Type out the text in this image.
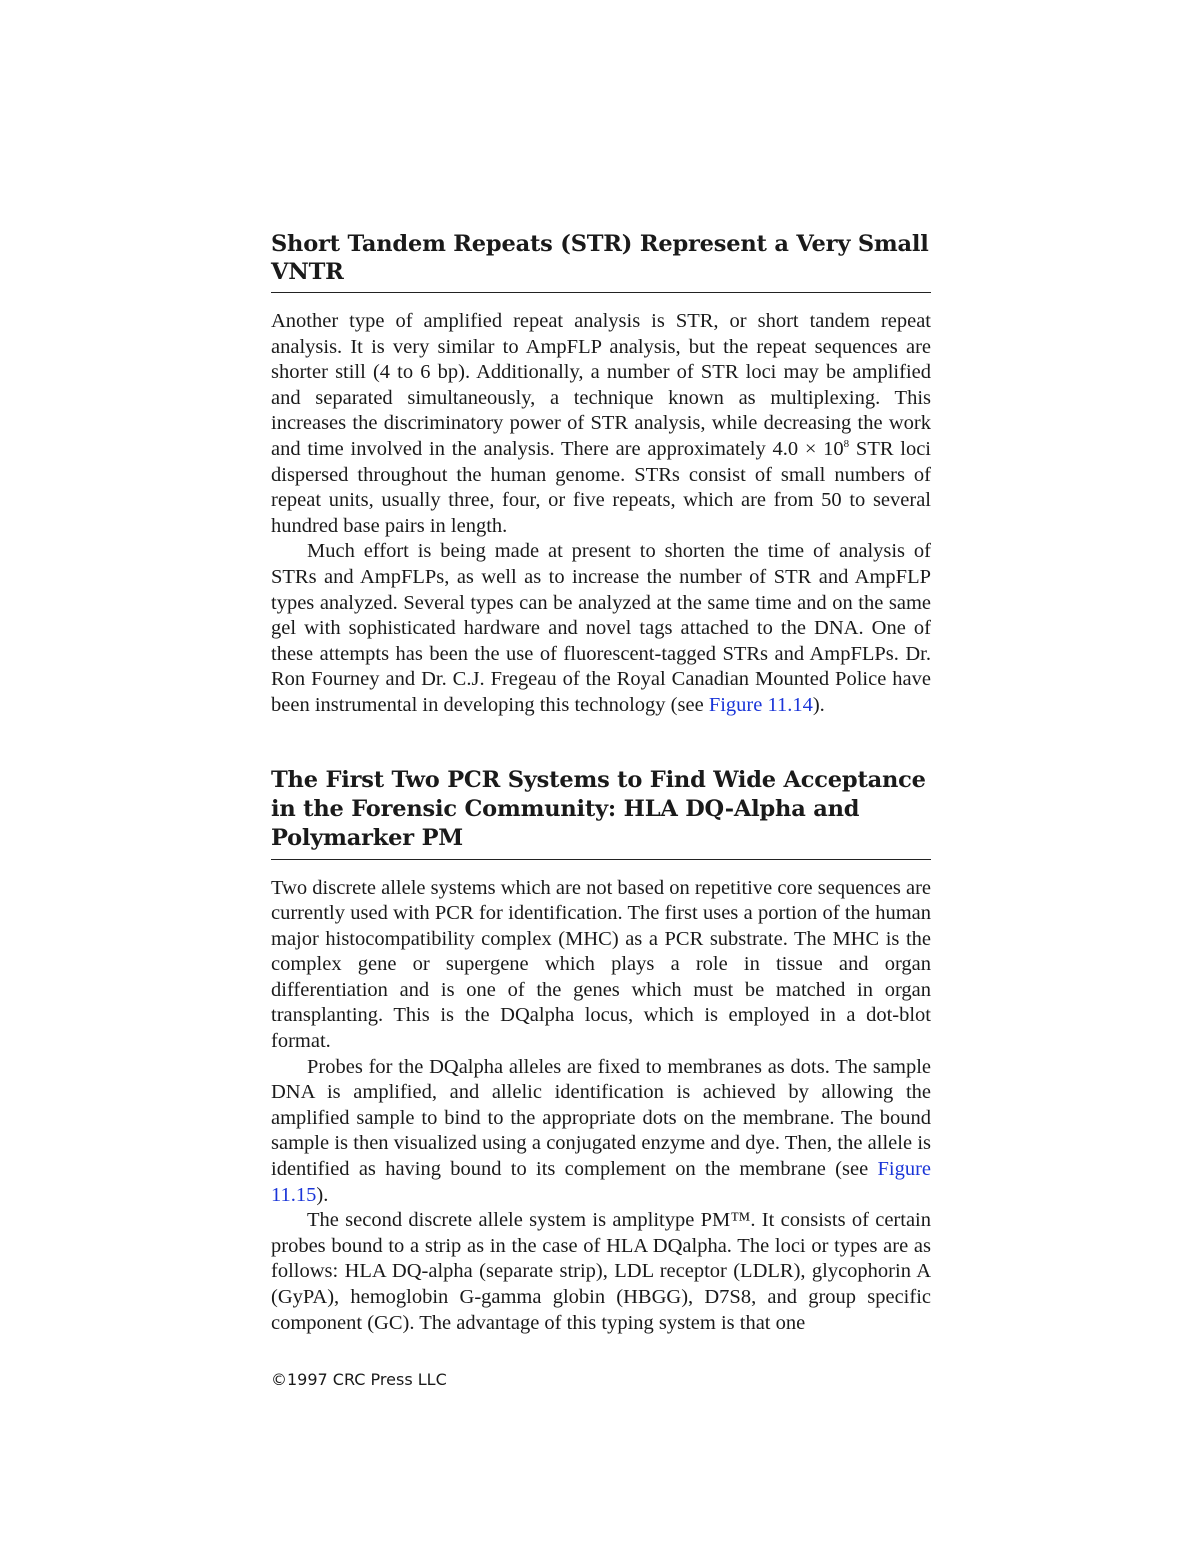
Short Tandem Repeats (STR) Represent a Very Small VNTR

Another type of amplified repeat analysis is STR, or short tandem repeat analysis. It is very similar to AmpFLP analysis, but the repeat sequences are shorter still (4 to 6 bp). Additionally, a number of STR loci may be amplified and separated simultaneously, a technique known as multiplexing. This increases the discriminatory power of STR analysis, while decreasing the work and time involved in the analysis. There are approximately $4.0 \times 10^8$ STR loci dispersed throughout the human genome. STRs consist of small numbers of repeat units, usually three, four, or five repeats, which are from 50 to several hundred base pairs in length.

Much effort is being made at present to shorten the time of analysis of STRs and AmpFLPs, as well as to increase the number of STR and AmpFLP types analyzed. Several types can be analyzed at the same time and on the same gel with sophisticated hardware and novel tags attached to the DNA. One of these attempts has been the use of fluorescent-tagged STRs and AmpFLPs. Dr. Ron Fourney and Dr. C.J. Fregeau of the Royal Canadian Mounted Police have been instrumental in developing this technology (see Figure 11.14).

The First Two PCR Systems to Find Wide Acceptance in the Forensic Community: HLA DQ-Alpha and Polymarker PM

Two discrete allele systems which are not based on repetitive core sequences are currently used with PCR for identification. The first uses a portion of the human major histocompatibility complex (MHC) as a PCR substrate. The MHC is the complex gene or supergene which plays a role in tissue and organ differentiation and is one of the genes which must be matched in organ transplanting. This is the DQalpha locus, which is employed in a dot-blot format.

Probes for the DQalpha alleles are fixed to membranes as dots. The sample DNA is amplified, and allelic identification is achieved by allowing the amplified sample to bind to the appropriate dots on the membrane. The bound sample is then visualized using a conjugated enzyme and dye. Then, the allele is identified as having bound to its complement on the membrane (see Figure 11.15).

The second discrete allele system is amplitype PM™. It consists of certain probes bound to a strip as in the case of HLA DQalpha. The loci or types are as follows: HLA DQ-alpha (separate strip), LDL receptor (LDLR), glycophorin A (GyPA), hemoglobin G-gamma globin (HBGG), D7S8, and group specific component (GC). The advantage of this typing system is that one

©1997 CRC Press LLC
